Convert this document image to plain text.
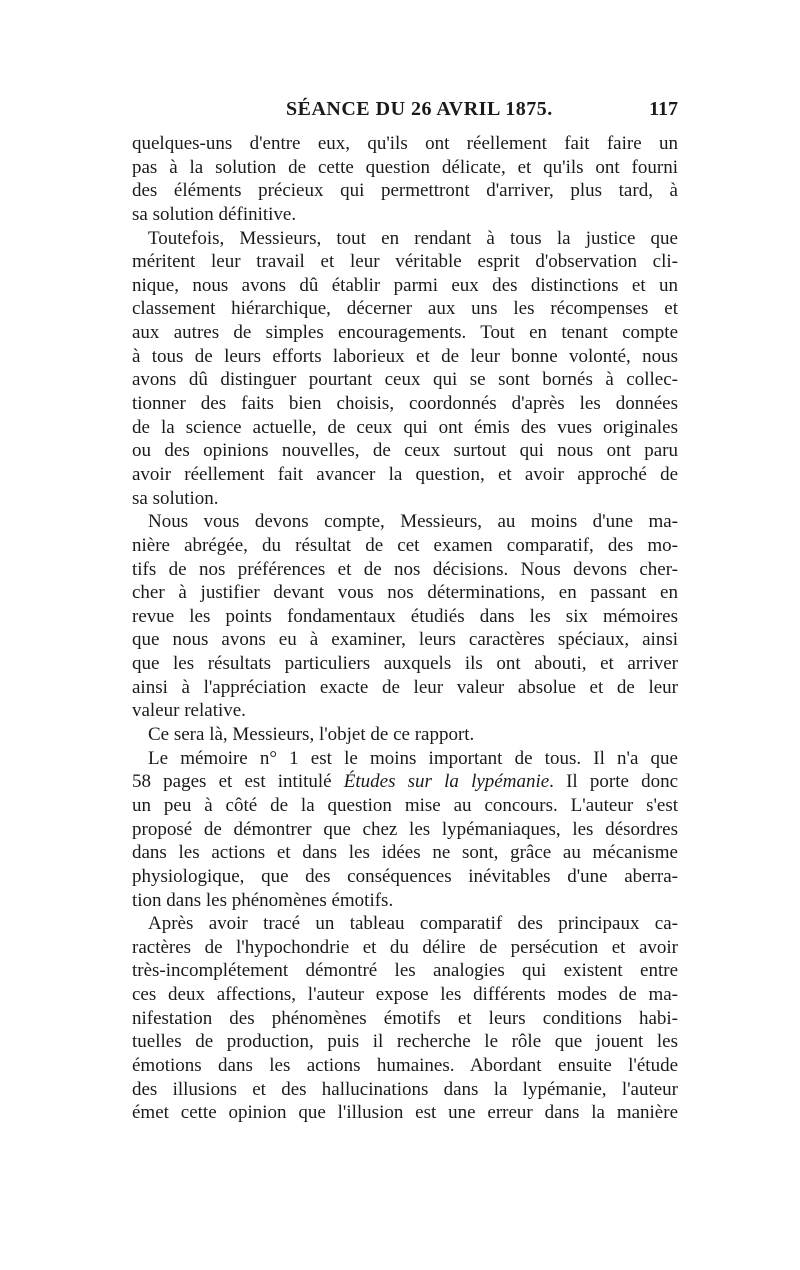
SÉANCE DU 26 AVRIL 1875.	117
quelques-uns d'entre eux, qu'ils ont réellement fait faire un
pas à la solution de cette question délicate, et qu'ils ont fourni
des éléments précieux qui permettront d'arriver, plus tard, à
sa solution définitive.
Toutefois, Messieurs, tout en rendant à tous la justice que
méritent leur travail et leur véritable esprit d'observation cli-
nique, nous avons dû établir parmi eux des distinctions et un
classement hiérarchique, décerner aux uns les récompenses et
aux autres de simples encouragements. Tout en tenant compte
à tous de leurs efforts laborieux et de leur bonne volonté, nous
avons dû distinguer pourtant ceux qui se sont bornés à collec-
tionner des faits bien choisis, coordonnés d'après les données
de la science actuelle, de ceux qui ont émis des vues originales
ou des opinions nouvelles, de ceux surtout qui nous ont paru
avoir réellement fait avancer la question, et avoir approché de
sa solution.
Nous vous devons compte, Messieurs, au moins d'une ma-
nière abrégée, du résultat de cet examen comparatif, des mo-
tifs de nos préférences et de nos décisions. Nous devons cher-
cher à justifier devant vous nos déterminations, en passant en
revue les points fondamentaux étudiés dans les six mémoires
que nous avons eu à examiner, leurs caractères spéciaux, ainsi
que les résultats particuliers auxquels ils ont abouti, et arriver
ainsi à l'appréciation exacte de leur valeur absolue et de leur
valeur relative.
Ce sera là, Messieurs, l'objet de ce rapport.
Le mémoire n° 1 est le moins important de tous. Il n'a que
58 pages et est intitulé Études sur la lypémanie. Il porte donc
un peu à côté de la question mise au concours. L'auteur s'est
proposé de démontrer que chez les lypémaniaques, les désordres
dans les actions et dans les idées ne sont, grâce au mécanisme
physiologique, que des conséquences inévitables d'une aberra-
tion dans les phénomènes émotifs.
Après avoir tracé un tableau comparatif des principaux ca-
ractères de l'hypochondrie et du délire de persécution et avoir
très-incomplétement démontré les analogies qui existent entre
ces deux affections, l'auteur expose les différents modes de ma-
nifestation des phénomènes émotifs et leurs conditions habi-
tuelles de production, puis il recherche le rôle que jouent les
émotions dans les actions humaines. Abordant ensuite l'étude
des illusions et des hallucinations dans la lypémanie, l'auteur
émet cette opinion que l'illusion est une erreur dans la manière
